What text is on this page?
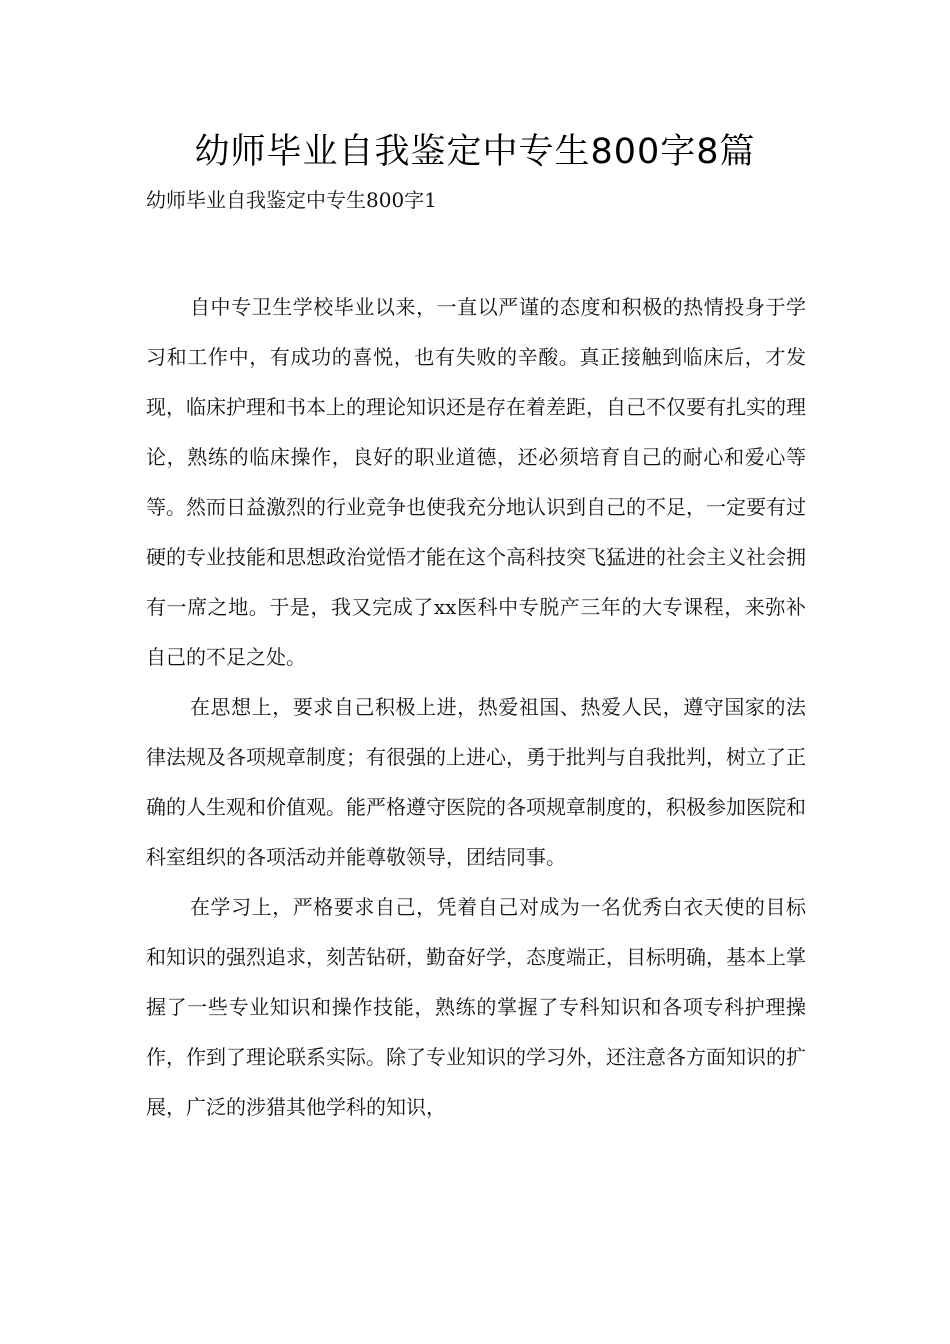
幼师毕业自我鉴定中专生800字8篇
幼师毕业自我鉴定中专生800字1

自中专卫生学校毕业以来，一直以严谨的态度和积极的热情投身于学习和工作中，有成功的喜悦，也有失败的辛酸。真正接触到临床后，才发现，临床护理和书本上的理论知识还是存在着差距，自己不仅要有扎实的理论，熟练的临床操作，良好的职业道德，还必须培育自己的耐心和爱心等等。然而日益激烈的行业竞争也使我充分地认识到自己的不足，一定要有过硬的专业技能和思想政治觉悟才能在这个高科技突飞猛进的社会主义社会拥有一席之地。于是，我又完成了xx医科中专脱产三年的大专课程，来弥补自己的不足之处。

在思想上，要求自己积极上进，热爱祖国、热爱人民，遵守国家的法律法规及各项规章制度；有很强的上进心，勇于批判与自我批判，树立了正确的人生观和价值观。能严格遵守医院的各项规章制度的，积极参加医院和科室组织的各项活动并能尊敬领导，团结同事。

在学习上，严格要求自己，凭着自己对成为一名优秀白衣天使的目标和知识的强烈追求，刻苦钻研，勤奋好学，态度端正，目标明确，基本上掌握了一些专业知识和操作技能，熟练的掌握了专科知识和各项专科护理操作，作到了理论联系实际。除了专业知识的学习外，还注意各方面知识的扩展，广泛的涉猎其他学科的知识，
